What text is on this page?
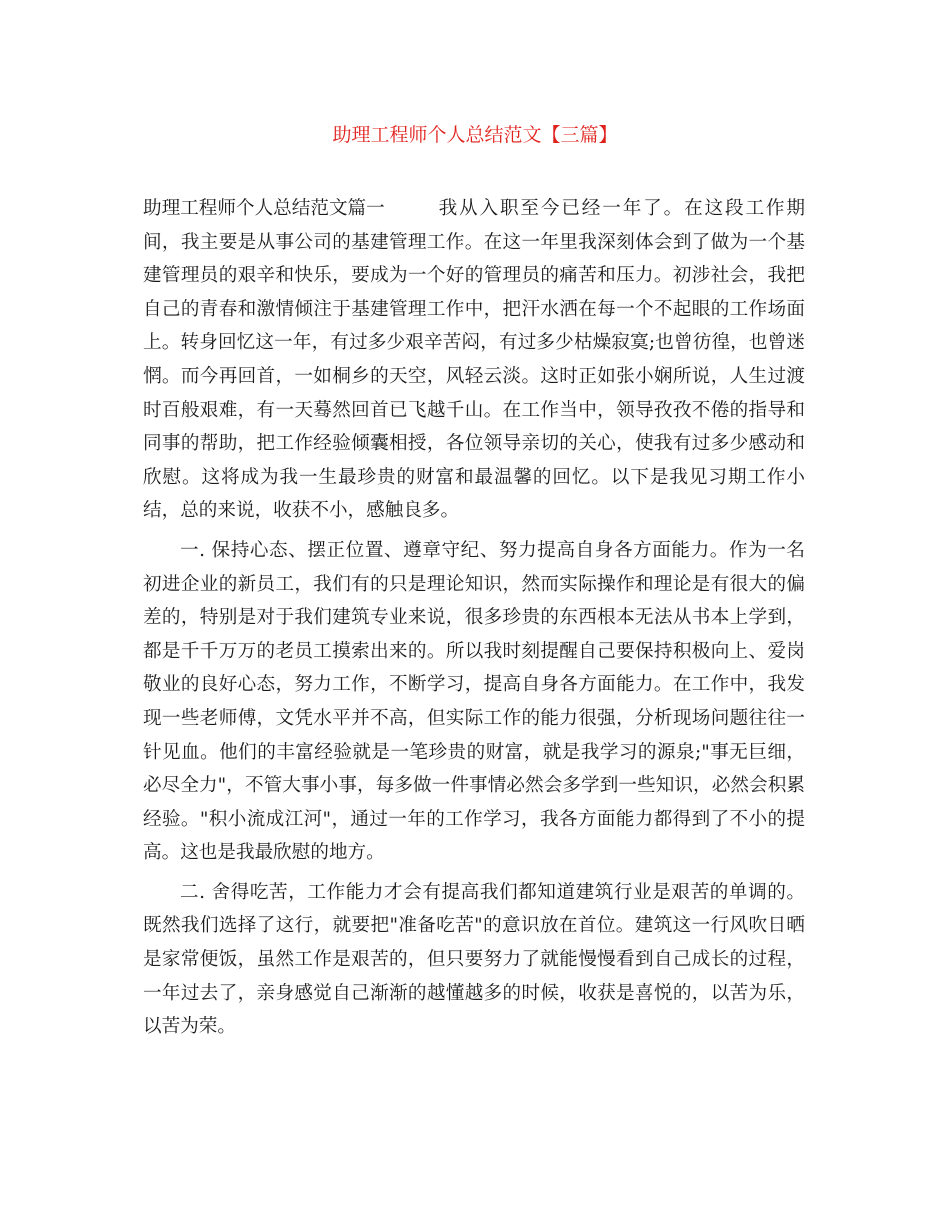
助理工程师个人总结范文【三篇】

助理工程师个人总结范文篇一	我从入职至今已经一年了。在这段工作期间，我主要是从事公司的基建管理工作。在这一年里我深刻体会到了做为一个基建管理员的艰辛和快乐，要成为一个好的管理员的痛苦和压力。初涉社会，我把自己的青春和激情倾注于基建管理工作中，把汗水洒在每一个不起眼的工作场面上。转身回忆这一年，有过多少艰辛苦闷，有过多少枯燥寂寞;也曾彷徨，也曾迷惘。而今再回首，一如桐乡的天空，风轻云淡。这时正如张小娴所说，人生过渡时百般艰难，有一天蓦然回首已飞越千山。在工作当中，领导孜孜不倦的指导和同事的帮助，把工作经验倾囊相授，各位领导亲切的关心，使我有过多少感动和欣慰。这将成为我一生最珍贵的财富和最温馨的回忆。以下是我见习期工作小结，总的来说，收获不小，感触良多。

一. 保持心态、摆正位置、遵章守纪、努力提高自身各方面能力。作为一名初进企业的新员工，我们有的只是理论知识，然而实际操作和理论是有很大的偏差的，特别是对于我们建筑专业来说，很多珍贵的东西根本无法从书本上学到，都是千千万万的老员工摸索出来的。所以我时刻提醒自己要保持积极向上、爱岗敬业的良好心态，努力工作，不断学习，提高自身各方面能力。在工作中，我发现一些老师傅，文凭水平并不高，但实际工作的能力很强，分析现场问题往往一针见血。他们的丰富经验就是一笔珍贵的财富，就是我学习的源泉;"事无巨细，必尽全力"，不管大事小事，每多做一件事情必然会多学到一些知识，必然会积累经验。"积小流成江河"，通过一年的工作学习，我各方面能力都得到了不小的提高。这也是我最欣慰的地方。

二. 舍得吃苦，工作能力才会有提高我们都知道建筑行业是艰苦的单调的。既然我们选择了这行，就要把"准备吃苦"的意识放在首位。建筑这一行风吹日晒是家常便饭，虽然工作是艰苦的，但只要努力了就能慢慢看到自己成长的过程，一年过去了，亲身感觉自己渐渐的越懂越多的时候，收获是喜悦的，以苦为乐，以苦为荣。
